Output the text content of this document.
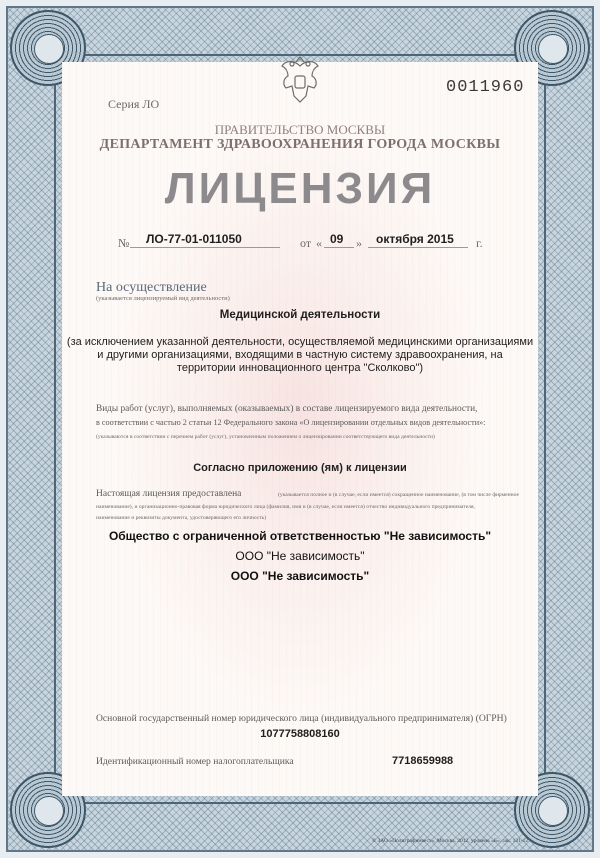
Серия ЛО
0011960
ПРАВИТЕЛЬСТВО МОСКВЫ
ДЕПАРТАМЕНТ ЗДРАВООХРАНЕНИЯ ГОРОДА МОСКВЫ
ЛИЦЕНЗИЯ
№ ЛО-77-01-011050	от « 09 » октября 2015 г.
На осуществление
(указывается лицензируемый вид деятельности)
Медицинской деятельности
(за исключением указанной деятельности, осуществляемой медицинскими организациями
и другими организациями, входящими в частную систему здравоохранения, на
территории инновационного центра "Сколково")
Виды работ (услуг), выполняемых (оказываемых) в составе лицензируемого вида деятельности,
в соответствии с частью 2 статьи 12 Федерального закона «О лицензировании отдельных видов деятельности»:
(указываются в соответствии с перечнем работ (услуг), установленным положением о лицензировании соответствующего вида деятельности)
Согласно приложению (ям) к лицензии
Настоящая лицензия предоставлена	(указывается полное и (в случае, если имеется) сокращенное наименование, (в том числе фирменное
наименование), и организационно-правовая форма юридического лица (фамилия, имя и (в случае, если имеется) отчество индивидуального предпринимателя,
наименование и реквизиты документа, удостоверяющего его личность)
Общество с ограниченной ответственностью "Не зависимость"
ООО "Не зависимость"
ООО "Не зависимость"
Основной государственный номер юридического лица (индивидуального предпринимателя) (ОГРН)
1077758808160
Идентификационный номер налогоплательщика	7718659988
© ЗАО «Полиграфинвест», Москва, 2012, уровень «Б», зак. 131-12
